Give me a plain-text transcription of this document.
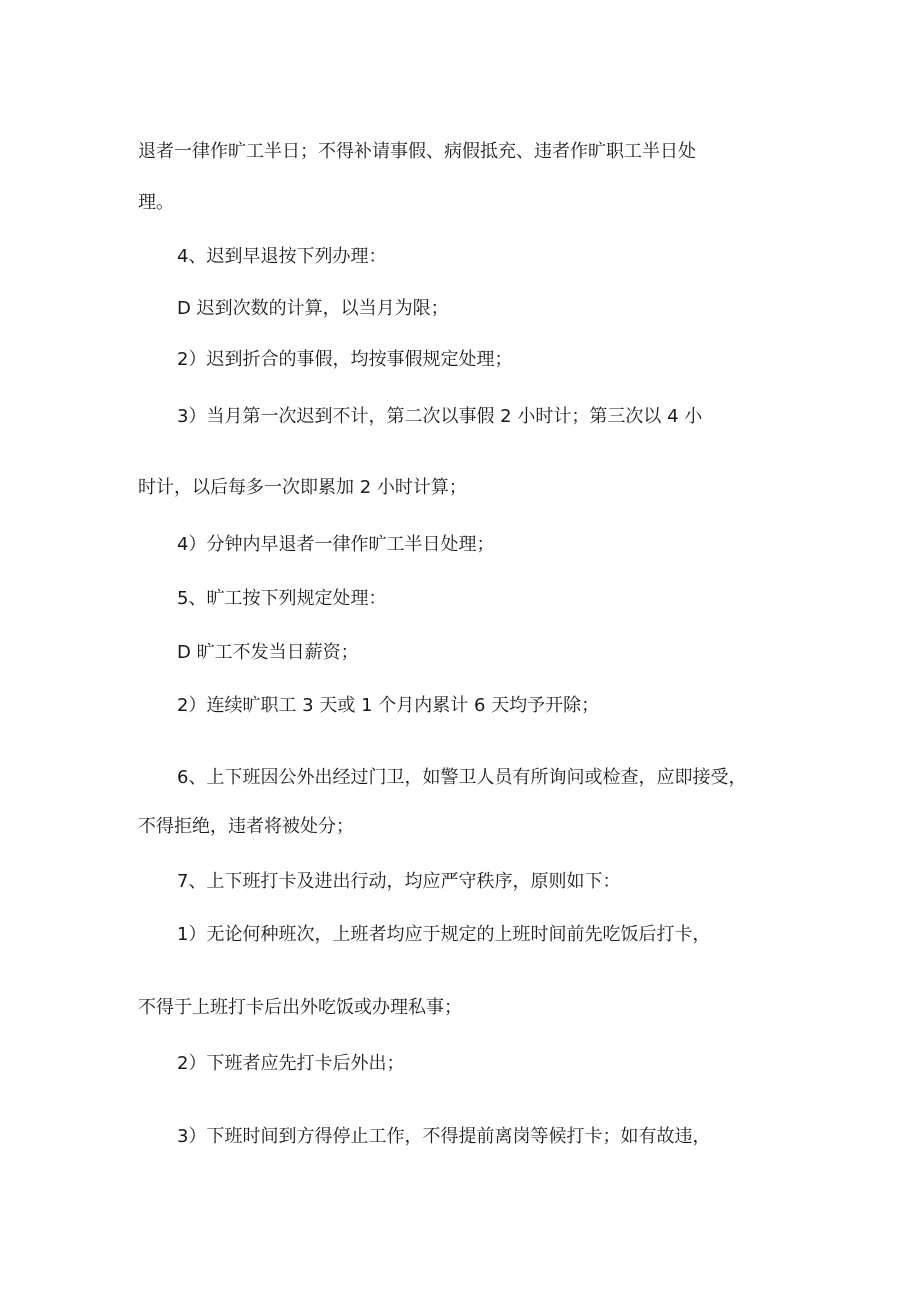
退者一律作旷工半日；不得补请事假、病假抵充、违者作旷职工半日处

理。

4、迟到早退按下列办理：

D 迟到次数的计算，以当月为限；

2）迟到折合的事假，均按事假规定处理；

3）当月第一次迟到不计，第二次以事假 2 小时计；第三次以 4 小

时计，以后每多一次即累加 2 小时计算；

4）分钟内早退者一律作旷工半日处理；

5、旷工按下列规定处理：

D 旷工不发当日薪资；

2）连续旷职工 3 天或 1 个月内累计 6 天均予开除；

6、上下班因公外出经过门卫，如警卫人员有所询问或检查，应即接受，

不得拒绝，违者将被处分；

7、上下班打卡及进出行动，均应严守秩序，原则如下：

1）无论何种班次，上班者均应于规定的上班时间前先吃饭后打卡，

不得于上班打卡后出外吃饭或办理私事；

2）下班者应先打卡后外出；

3）下班时间到方得停止工作，不得提前离岗等候打卡；如有故违，
